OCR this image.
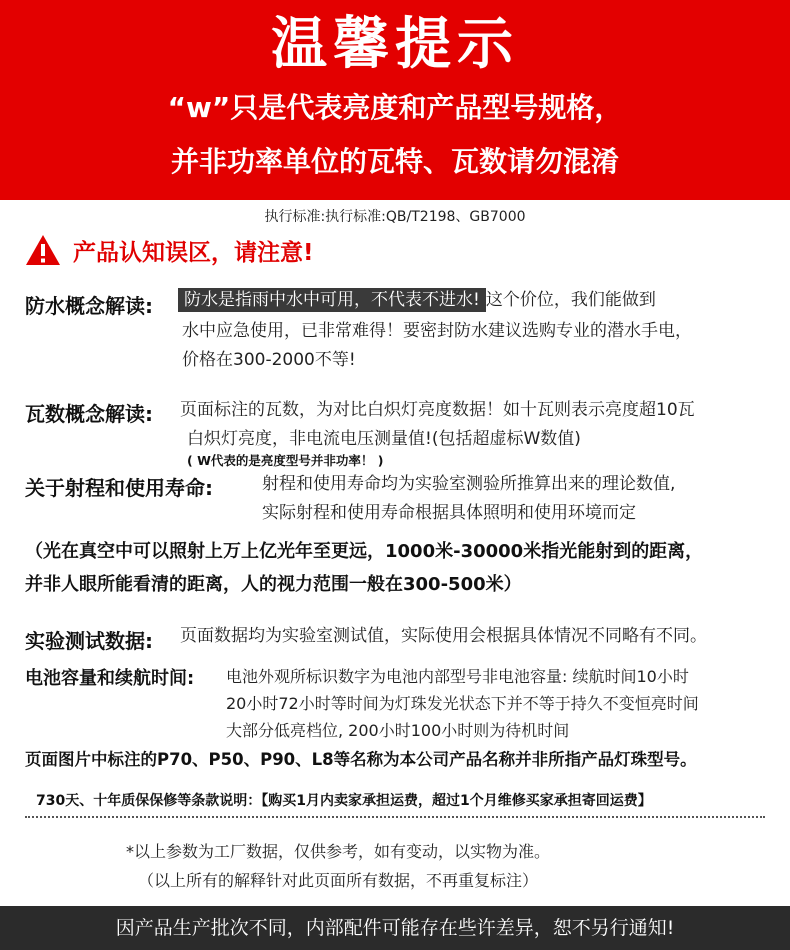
温馨提示
“w”只是代表亮度和产品型号规格，
并非功率单位的瓦特、瓦数请勿混淆
执行标准:执行标准:QB/T2198、GB7000
产品认知误区，请注意!
防水概念解读:	防水是指雨中水中可用，不代表不进水! 这个价位，我们能做到
水中应急使用，已非常难得！要密封防水建议选购专业的潜水手电，
价格在300-2000不等!
瓦数概念解读: 页面标注的瓦数，为对比白炽灯亮度数据！如十瓦则表示亮度超10瓦
白炽灯亮度，非电流电压测量值!(包括超虚标W数值)
( W代表的是亮度型号并非功率！ )
关于射程和使用寿命:	射程和使用寿命均为实验室测验所推算出来的理论数值,
实际射程和使用寿命根据具体照明和使用环境而定
（光在真空中可以照射上万上亿光年至更远，1000米-30000米指光能射到的距离，
并非人眼所能看清的距离，人的视力范围一般在300-500米）
实验测试数据: 页面数据均为实验室测试值，实际使用会根据具体情况不同略有不同。
电池容量和续航时间: 电池外观所标识数字为电池内部型号非电池容量: 续航时间10小时
20小时72小时等时间为灯珠发光状态下并不等于持久不变恒亮时间
大部分低亮档位, 200小时100小时则为待机时间
页面图片中标注的P70、P50、P90、L8等名称为本公司产品名称并非所指产品灯珠型号。
730天、十年质保保修等条款说明：【购买1月内卖家承担运费，超过1个月维修买家承担寄回运费】
*以上参数为工厂数据，仅供参考，如有变动，以实物为准。
（以上所有的解释针对此页面所有数据，不再重复标注）
因产品生产批次不同，内部配件可能存在些许差异，恕不另行通知!
